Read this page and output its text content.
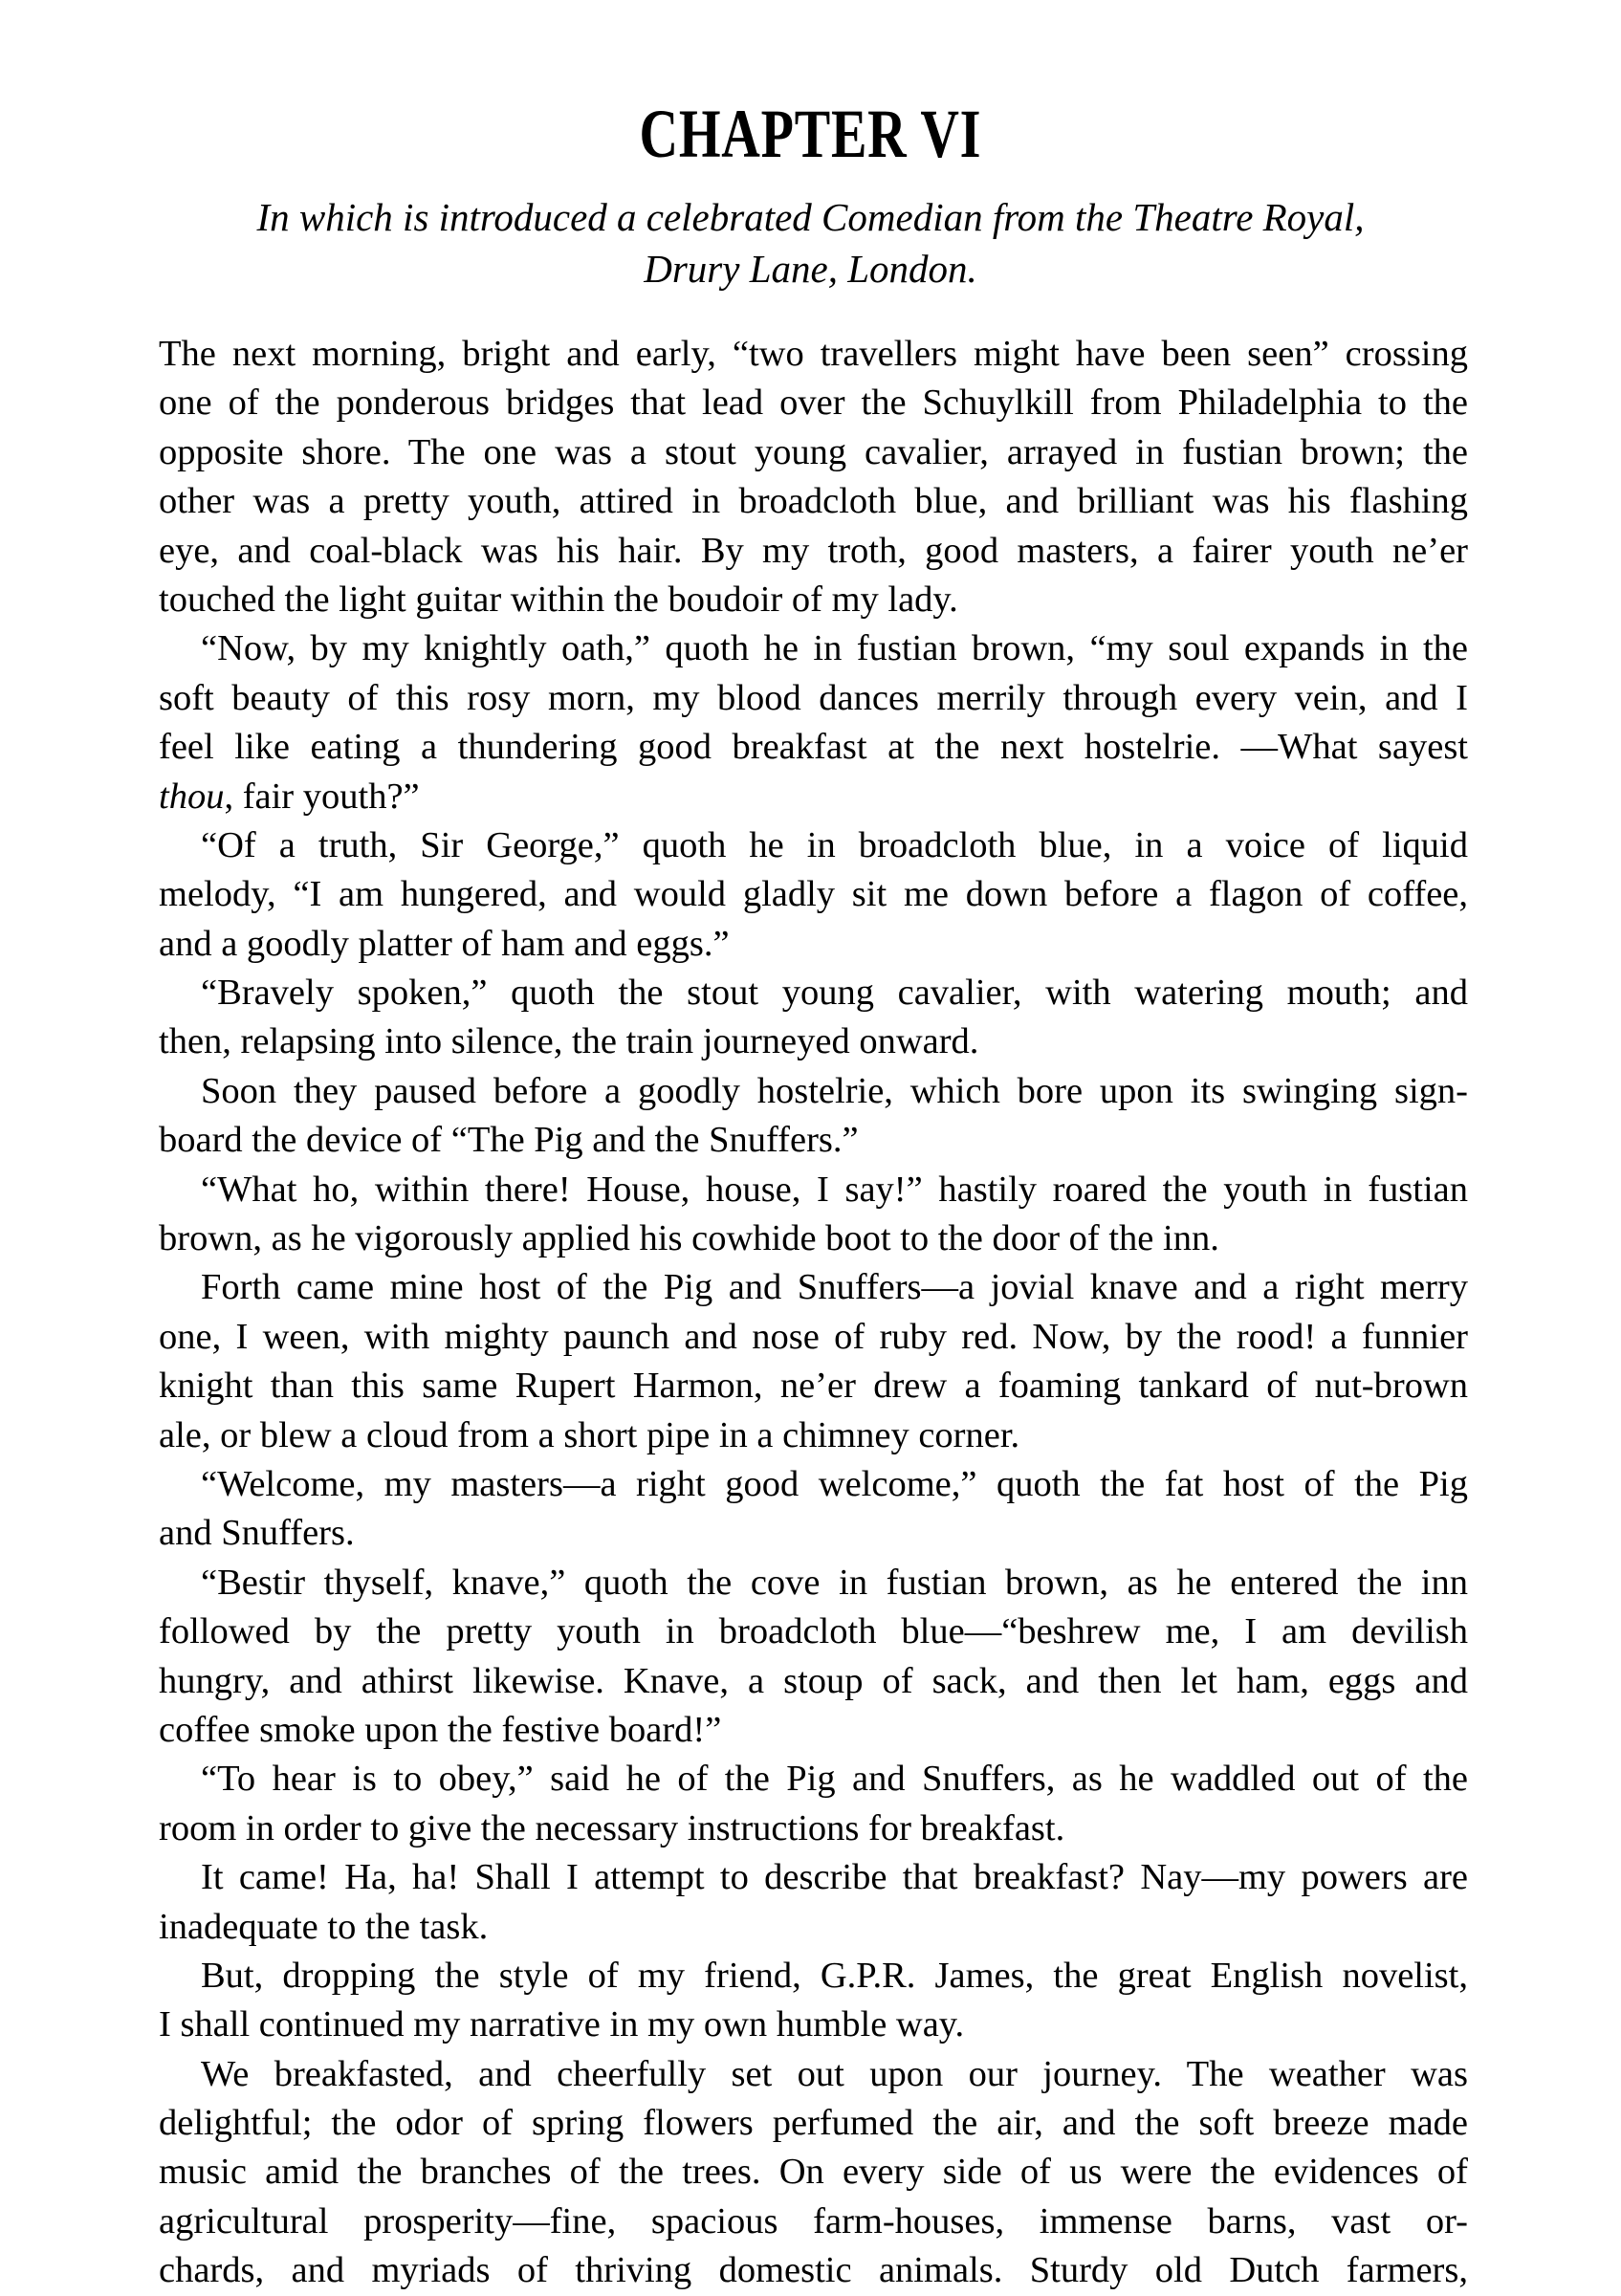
CHAPTER VI
In which is introduced a celebrated Comedian from the Theatre Royal,
Drury Lane, London.
The next morning, bright and early, “two travellers might have been seen” crossing
one of the ponderous bridges that lead over the Schuylkill from Philadelphia to the
opposite shore. The one was a stout young cavalier, arrayed in fustian brown; the
other was a pretty youth, attired in broadcloth blue, and brilliant was his flashing
eye, and coal-black was his hair. By my troth, good masters, a fairer youth ne’er
touched the light guitar within the boudoir of my lady.
“Now, by my knightly oath,” quoth he in fustian brown, “my soul expands in the
soft beauty of this rosy morn, my blood dances merrily through every vein, and I
feel like eating a thundering good breakfast at the next hostelrie. —What sayest
thou, fair youth?”
“Of a truth, Sir George,” quoth he in broadcloth blue, in a voice of liquid
melody, “I am hungered, and would gladly sit me down before a flagon of coffee,
and a goodly platter of ham and eggs.”
“Bravely spoken,” quoth the stout young cavalier, with watering mouth; and
then, relapsing into silence, the train journeyed onward.
Soon they paused before a goodly hostelrie, which bore upon its swinging sign-
board the device of “The Pig and the Snuffers.”
“What ho, within there! House, house, I say!” hastily roared the youth in fustian
brown, as he vigorously applied his cowhide boot to the door of the inn.
Forth came mine host of the Pig and Snuffers—a jovial knave and a right merry
one, I ween, with mighty paunch and nose of ruby red. Now, by the rood! a funnier
knight than this same Rupert Harmon, ne’er drew a foaming tankard of nut-brown
ale, or blew a cloud from a short pipe in a chimney corner.
“Welcome, my masters—a right good welcome,” quoth the fat host of the Pig
and Snuffers.
“Bestir thyself, knave,” quoth the cove in fustian brown, as he entered the inn
followed by the pretty youth in broadcloth blue—“beshrew me, I am devilish
hungry, and athirst likewise. Knave, a stoup of sack, and then let ham, eggs and
coffee smoke upon the festive board!”
“To hear is to obey,” said he of the Pig and Snuffers, as he waddled out of the
room in order to give the necessary instructions for breakfast.
It came! Ha, ha! Shall I attempt to describe that breakfast? Nay—my powers are
inadequate to the task.
But, dropping the style of my friend, G.P.R. James, the great English novelist,
I shall continued my narrative in my own humble way.
We breakfasted, and cheerfully set out upon our journey. The weather was
delightful; the odor of spring flowers perfumed the air, and the soft breeze made
music amid the branches of the trees. On every side of us were the evidences of
agricultural prosperity—fine, spacious farm-houses, immense barns, vast or-
chards, and myriads of thriving domestic animals. Sturdy old Dutch farmers,
